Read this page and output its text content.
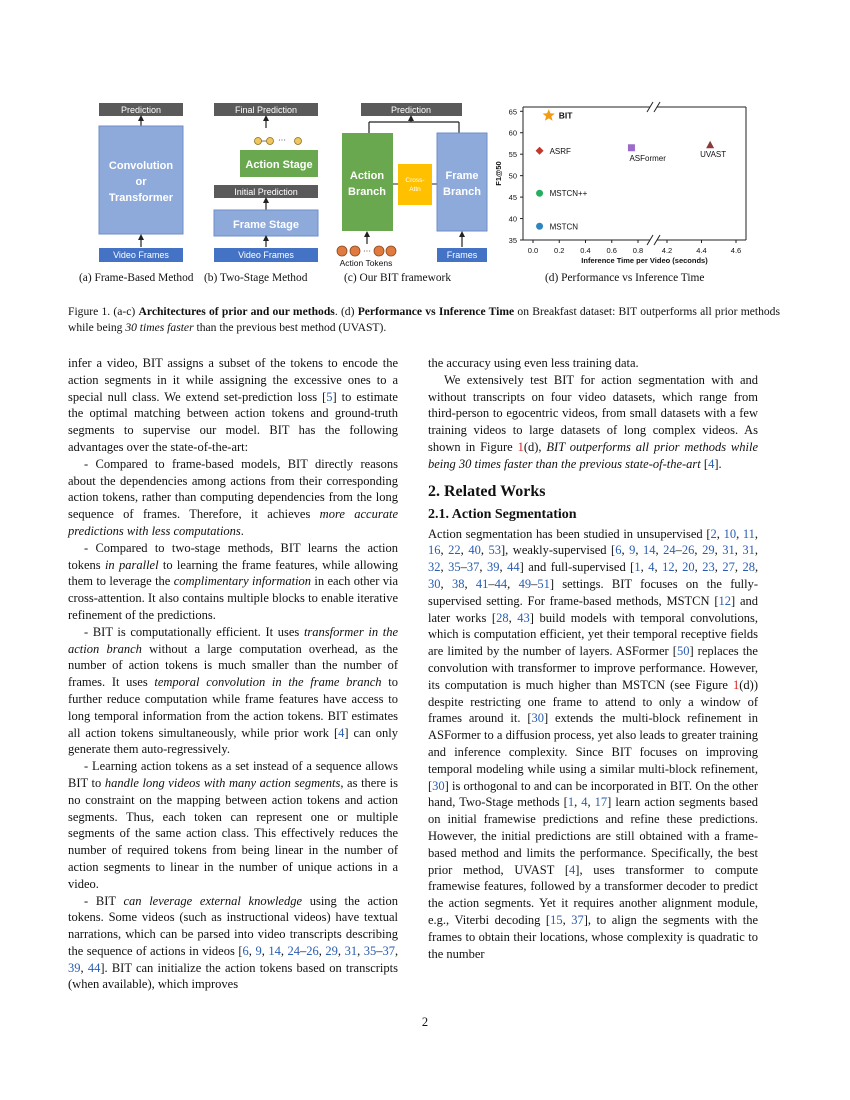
Prediction
Convolution
or
Transformer
Video Frames
Final Prediction
···
Action Stage
Initial Prediction
Frame Stage
Video Frames
Prediction
Action
Branch
Cross-
Attn
Frame
Branch
···
Action Tokens
Frames
35
40
45
50
55
60
65
0.0 0.2 0.4 0.6 0.8 4.2	4.4	4.6
Inference Time per Video (seconds)
F1@50
BIT
ASRF
ASFormer	UVAST
MSTCN++
MSTCN
(a) Frame-Based Method (b) Two-Stage Method	(c) Our BIT framework	(d) Performance vs Inference Time
Figure 1. (a-c) Architectures of prior and our methods. (d) Performance vs Inference Time on Breakfast dataset: BIT outperforms all prior methods while being 30 times faster than the previous best method (UVAST).

infer a video, BIT assigns a subset of the tokens to encode the action segments in it while assigning the excessive ones to a special null class. We extend set-prediction loss [5] to estimate the optimal matching between action tokens and ground-truth segments to supervise our model. BIT has the following advantages over the state-of-the-art:

- Compared to frame-based models, BIT directly reasons about the dependencies among actions from their corresponding action tokens, rather than computing dependencies from the long sequence of frames. Therefore, it achieves more accurate predictions with less computations.

- Compared to two-stage methods, BIT learns the action tokens in parallel to learning the frame features, while allowing them to leverage the complimentary information in each other via cross-attention. It also contains multiple blocks to enable iterative refinement of the predictions.

- BIT is computationally efficient. It uses transformer in the action branch without a large computation overhead, as the number of action tokens is much smaller than the number of frames. It uses temporal convolution in the frame branch to further reduce computation while frame features have access to long temporal information from the action tokens. BIT estimates all action tokens simultaneously, while prior work [4] can only generate them auto-regressively.

- Learning action tokens as a set instead of a sequence allows BIT to handle long videos with many action segments, as there is no constraint on the mapping between action tokens and action segments. Thus, each token can represent one or multiple segments of the same action class. This effectively reduces the number of required tokens from being linear in the number of action segments to linear in the number of unique actions in a video.

- BIT can leverage external knowledge using the action tokens. Some videos (such as instructional videos) have textual narrations, which can be parsed into video transcripts describing the sequence of actions in videos [6, 9, 14, 24–26, 29, 31, 35–37, 39, 44]. BIT can initialize the action tokens based on transcripts (when available), which improves

the accuracy using even less training data.

We extensively test BIT for action segmentation with and without transcripts on four video datasets, which range from third-person to egocentric videos, from small datasets with a few training videos to large datasets of long complex videos. As shown in Figure 1(d), BIT outperforms all prior methods while being 30 times faster than the previous state-of-the-art [4].

2. Related Works
2.1. Action Segmentation

Action segmentation has been studied in unsupervised [2, 10, 11, 16, 22, 40, 53], weakly-supervised [6, 9, 14, 24–26, 29, 31, 31, 32, 35–37, 39, 44] and full-supervised [1, 4, 12, 20, 23, 27, 28, 30, 38, 41–44, 49–51] settings. BIT focuses on the fully-supervised setting. For frame-based methods, MSTCN [12] and later works [28, 43] build models with temporal convolutions, which is computation efficient, yet their temporal receptive fields are limited by the number of layers. ASFormer [50] replaces the convolution with transformer to improve performance. However, its computation is much higher than MSTCN (see Figure 1(d)) despite restricting one frame to attend to only a window of frames around it. [30] extends the multi-block refinement in ASFormer to a diffusion process, yet also leads to greater training and inference complexity. Since BIT focuses on improving temporal modeling while using a similar multi-block refinement, [30] is orthogonal to and can be incorporated in BIT. On the other hand, Two-Stage methods [1, 4, 17] learn action segments based on initial framewise predictions and refine these predictions. However, the initial predictions are still obtained with a frame-based method and limits the performance. Specifically, the best prior method, UVAST [4], uses transformer to compute framewise features, followed by a transformer decoder to predict the action segments. Yet it requires another alignment module, e.g., Viterbi decoding [15, 37], to align the segments with the frames to obtain their locations, whose complexity is quadratic to the number

2
